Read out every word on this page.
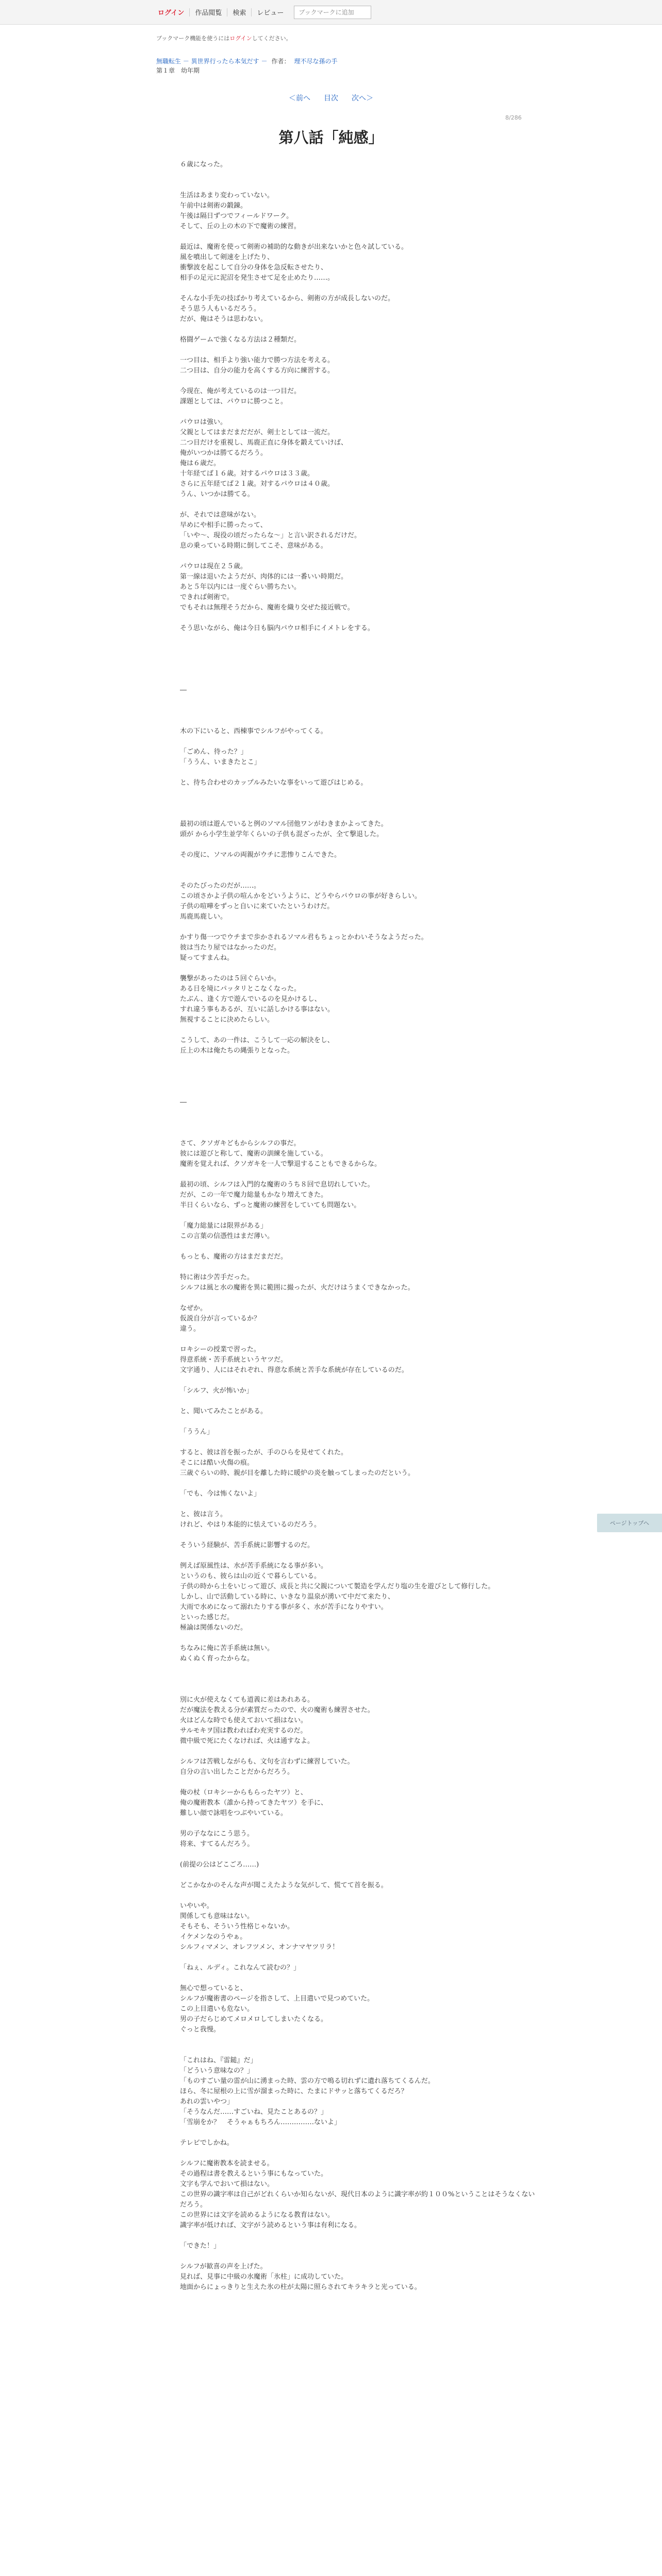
ログイン	作品閲覧	検索	レビュー	ブックマークに追加
ブックマーク機能を使うにはログインしてください。
無職転生 － 異世界行ったら本気だす － 作者： 理不尽な孫の手
第１章　幼年期
＜前へ 目次 次へ＞
8/286
第八話「純感」

６歳になった。

生活はあまり変わっていない。

午前中は剣術の鍛錬。

午後は隔日ずつでフィールドワーク。

そして、丘の上の木の下で魔術の練習。

最近は、魔術を使って剣術の補助的な動きが出来ないかと色々試している。

風を噴出して剣速を上げたり、

衝撃波を起こして自分の身体を急反転させたり、

相手の足元に泥沼を発生させて足を止めたり……。

そんな小手先の技ばかり考えているから、剣術の方が成長しないのだ。

そう思う人もいるだろう。

だが、俺はそうは思わない。

格闘ゲームで強くなる方法は２種類だ。

一つ目は、相手より強い能力で勝つ方法を考える。

二つ目は、自分の能力を高くする方向に練習する。

今现在、俺が考えているのは一つ目だ。

課題としては、パウロに勝つこと。

パウロは強い。

父親としてはまだまだだが、剣士としては一流だ。

二つ目だけを重視し、馬鹿正直に身体を鍛えていけば、

俺がいつかは勝てるだろう。

俺は６歳だ。

十年経てば１６歳。対するパウロは３３歳。

さらに五年経てば２１歳。対するパウロは４０歳。

うん、いつかは勝てる。

が、それでは意味がない。

早めにや相手に勝ったって、

「いや～、現役の頃だったらな～」と言い訳されるだけだ。

息の乗っている時期に倒してこそ、意味がある。

パウロは現在２５歳。

第一線は退いたようだが、肉体的には一番いい時期だ。

あと５年以内には一度ぐらい勝ちたい。

できれば剣術で。

でもそれは無理そうだから、魔術を織り交ぜた接近戦で。

そう思いながら、俺は今日も脳内パウロ相手にイメトレをする。

―

木の下にいると、西棟事でシルフがやってくる。

「ごめん、待った？」

「ううん、いまきたとこ」

と、待ち合わせのカップルみたいな事をいって遊びはじめる。

最初の頃は遊んでいると例のソマル団他ワンがわきまかよってきた。

頭が から小学生並学年くらいの子供も混ざったが、全て撃退した。

その度に、ソマルの両親がウチに悲惨りこんできた。

そのたびったのだが……。

この頃さかよ子供の喧んかをどいうように、どうやらパウロの事が好きらしい。

子供の喧嘩をずっと自いに来ていたというわけだ。

馬鹿馬鹿しい。

かすり傷一つでウチまで歩かされるソマル君もちょっとかわいそうなようだった。

彼は当たり屋ではなかったのだ。

疑ってすまんね。

襲撃があったのは５回ぐらいか。

ある日を境にパッタリとこなくなった。

たぶん、逢く方で遊んでいるのを見かけるし、

すれ違う事もあるが、互いに話しかける事はない。

無視することに決めたらしい。

こうして、あの一件は、こうして一応の解決をし、

丘上の木は俺たちの縄張りとなった。

―

さて、クソガキどもからシルフの事だ。

彼には遊びと称して、魔術の訓練を施している。

魔術を覚えれば、クソガキを一人で撃退することもできるからな。

最初の頃、シルフは入門的な魔術のうち８回で息切れしていた。

だが、この一年で魔力総量もかなり増えてきた。

半日くらいなら、ずっと魔術の練習をしていても問題ない。

「魔力総量には限界がある」

この言葉の信憑性はまだ薄い。

もっとも、魔術の方はまだまだだ。

特に術は少苦手だった。

シルフは風と水の魔術を異に範囲に撮ったが、火だけはうまくできなかった。

なぜか。

仮説自分が言っているか？

違う。

ロキシーの授業で習った。

得意系統・苦手系統というヤツだ。

文字通り、人にはそれぞれ、得意な系統と苦手な系統が存在しているのだ。

「シルフ、火が怖いか」

と、聞いてみたことがある。

「ううん」

すると、彼は首を振ったが、手のひらを見せてくれた。

そこには酷い火傷の痕。

三歳ぐらいの時、親が目を離した時に暖炉の炎を触ってしまったのだという。

「でも、今は怖くないよ」

と、彼は言う。

けれど、やはり本能的に怯えているのだろう。

そういう経験が、苦手系統に影響するのだ。

例えば原風性は、水が苦手系統になる事が多い。

というのも、彼らは山の近くで暮らしている。

子供の時から土をいじって遊び、成長と共に父親について製造を学んだり塩の生を遊びとして修行した。

しかし、山で活動している時に、いきなり温泉が湧いて中だて来たり、

大雨で水めになって溺れたりする事が多く、水が苦手になりやすい。

といった感じだ。

極論は関係ないのだ。

ちなみに俺に苦手系統は無い。

ぬくぬく育ったからな。

別に火が使えなくても道義に差はあれある。

だが魔法を教える分が素質だったので、火の魔術も練習させた。

火はどんな時でも使えておいて損はない。

サルモキヲ国は教わればわ充実するのだ。

微中級で死にたくなければ、火は通すなよ。

シルフは苦戦しながらも、文句を言わずに練習していた。

自分の言い出したことだからだろう。

俺の杖（ロキシーからもらったヤツ）と、

俺の魔術教本（誰から持ってきたヤツ）を手に、

難しい顔で詠唱をつぶやいている。

男の子ななにこう思う。

将来、すてるんだろう。

(前提の公はどこごろ……)

どこかなかのそんな声が聞こえたような気がして、慌てて首を振る。

いやいや。

関係しても意味はない。

そもそも、そういう性格じゃないか。

イケメンなのうやぁ。

シルフィマメン、オレフツメン、オンナマヤツリラ！

「ねぇ、ルディ。これなんて読むの？」

無心で想っていると、

シルフが魔術書のページを指さして、上目遣いで見つめていた。

この上目遣いも危ない。

男の子だらじめてメロメロしてしまいたくなる。

ぐっと我慢。

「これはね、『雷鎚』だ」

「どういう意味なの？」

「ものすごい量の雷が山に湧まった時、雲の方で鳴る切れずに遺れ落ちてくるんだ。

ほら、冬に屋根の上に雪が溜まった時に、たまにドサッと落ちてくるだろ？

あれの雲いやつ」

「そうなんだ……すごいね、見たことあるの？」

「雪崩をか？　そうゃぁもちろん……………ないよ」

テレビでしかね。

シルフに魔術教本を読ませる。

その過程は書を教えるという事にもなっていた。

文字も学んでおいて損はない。

この世界の識字率は自己がどれくらいか知らないが、現代日本のように識字率が約１００%ということはそうなくないだろう。

この世界には文字を読めるようになる教育はない。

識字率が低ければ、文字がう読めるという事は有利になる。

「できた！」

シルフが歓喜の声を上げた。

見れば、見事に中級の水魔術「氷柱」に成功していた。

地面からにょっきりと生えた氷の柱が太陽に照らされてキラキラと光っている。

ページトップへ
